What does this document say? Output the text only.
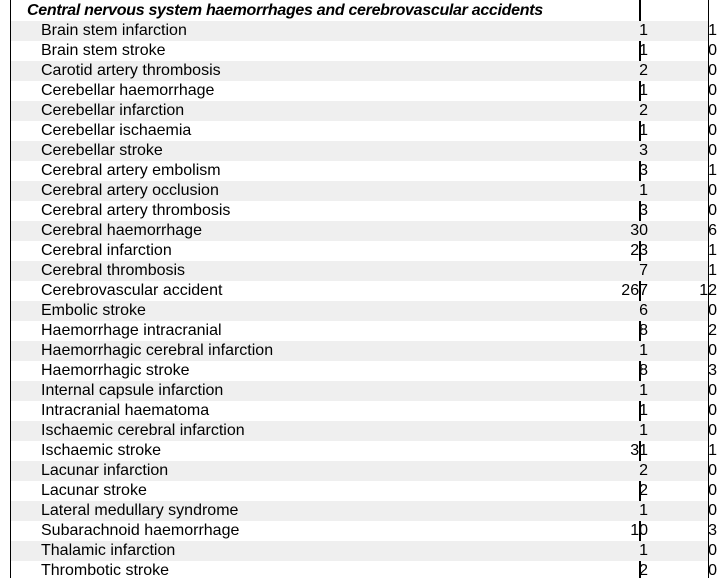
Central nervous system haemorrhages and cerebrovascular accidents
Brain stem infarction	1	1
Brain stem stroke	1	0
Carotid artery thrombosis	2	0
Cerebellar haemorrhage	1	0
Cerebellar infarction	2	0
Cerebellar ischaemia	1	0
Cerebellar stroke	3	0
Cerebral artery embolism	3	1
Cerebral artery occlusion	1	0
Cerebral artery thrombosis	3	0
Cerebral haemorrhage	30	6
Cerebral infarction	23	1
Cerebral thrombosis	7	1
Cerebrovascular accident	267	12
Embolic stroke	6	0
Haemorrhage intracranial	8	2
Haemorrhagic cerebral infarction	1	0
Haemorrhagic stroke	8	3
Internal capsule infarction	1	0
Intracranial haematoma	1	0
Ischaemic cerebral infarction	1	0
Ischaemic stroke	31	1
Lacunar infarction	2	0
Lacunar stroke	2	0
Lateral medullary syndrome	1	0
Subarachnoid haemorrhage	10	3
Thalamic infarction	1	0
Thrombotic stroke	2	0
